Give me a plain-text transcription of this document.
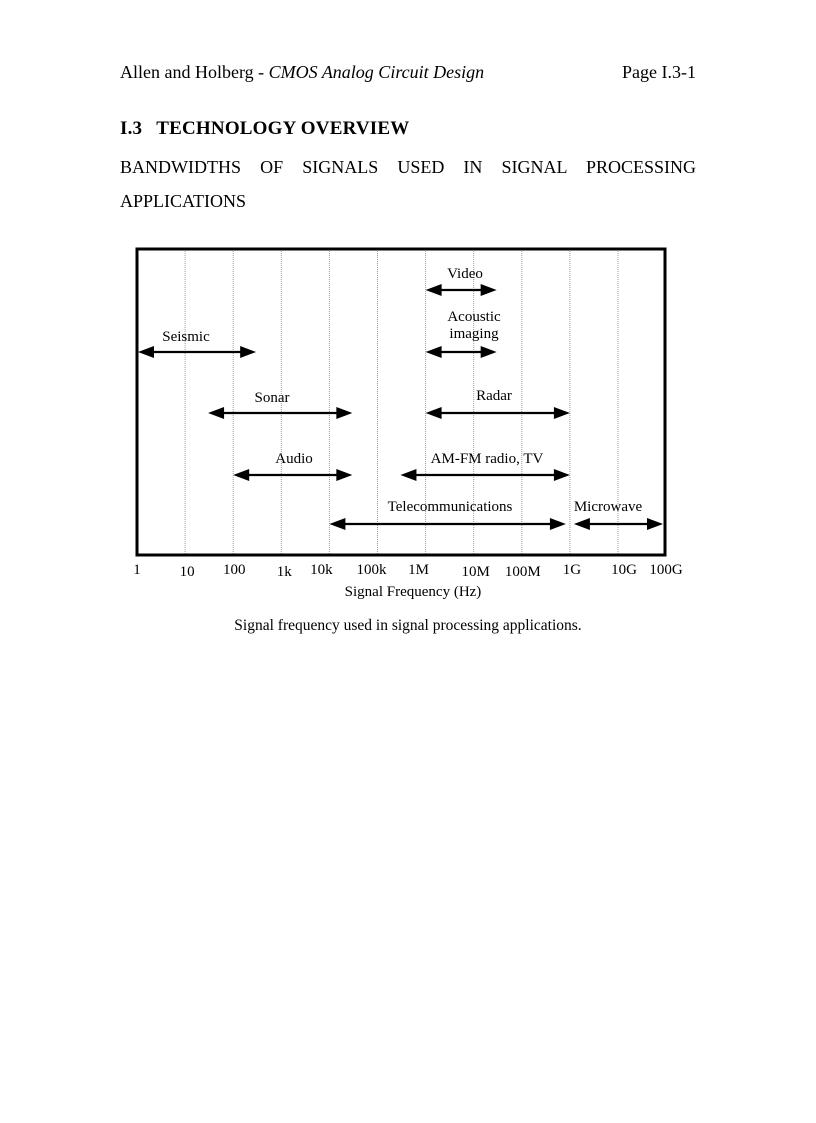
Allen and Holberg - CMOS Analog Circuit Design	Page I.3-1
I.3 TECHNOLOGY OVERVIEW
BANDWIDTHS OF SIGNALS USED IN SIGNAL PROCESSING
APPLICATIONS
Video
Acoustic
imaging
Seismic
Sonar	Radar
Audio	AM-FM radio, TV
Telecommunications	Microwave
1	10 100 1k 10k 100k 1M 10M 100M 1G 10G 100G
Signal Frequency (Hz)
Signal frequency used in signal processing applications.
